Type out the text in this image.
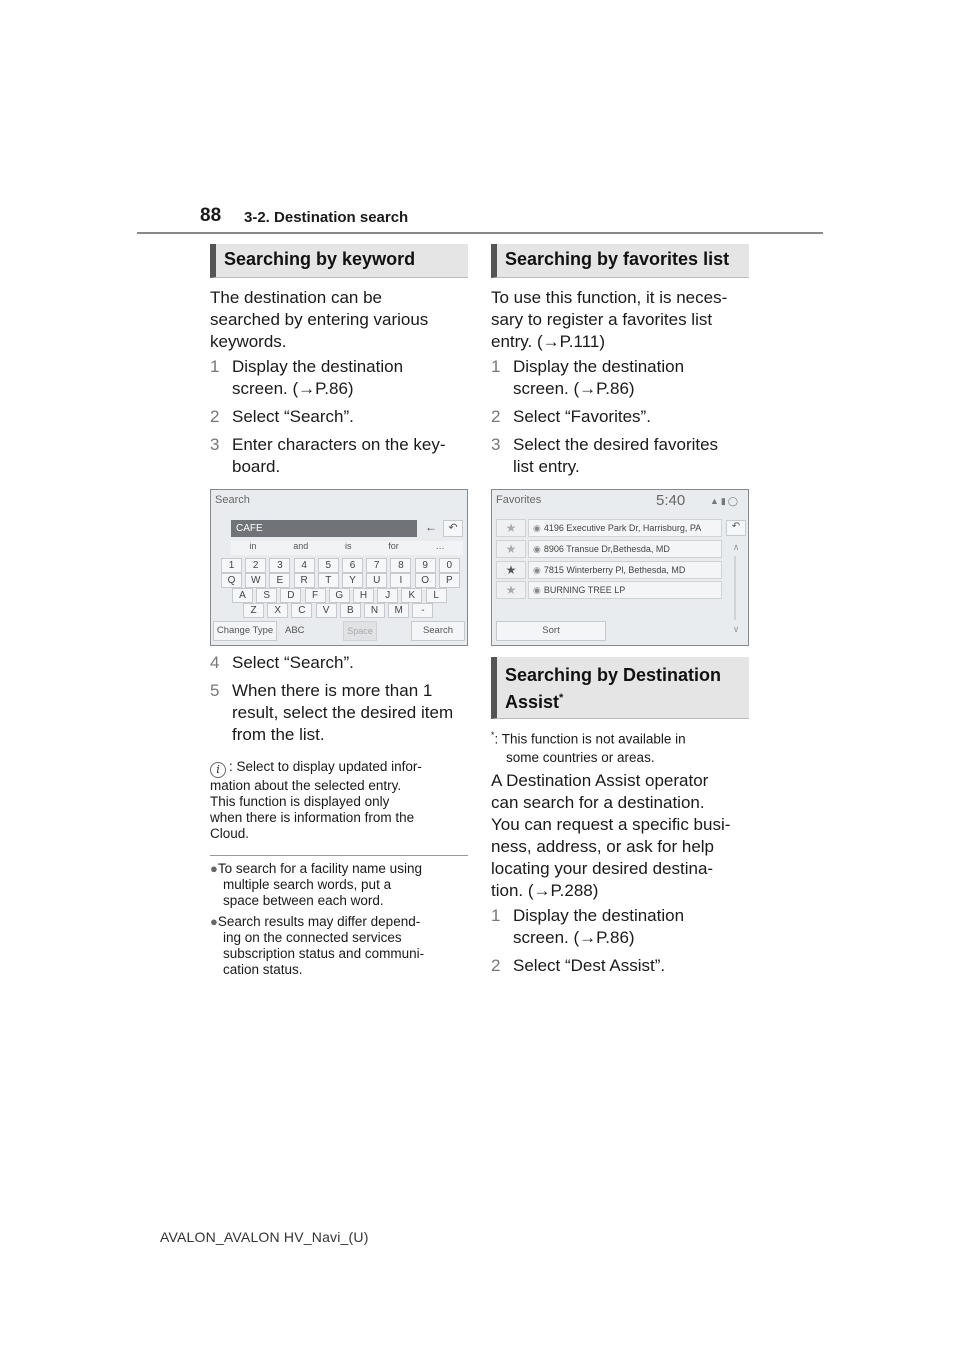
88 3-2. Destination search
Searching by keyword
The destination can be
searched by entering various
keywords.
1 Display the destination
screen. (→P.86)
2 Select “Search”.
3 Enter characters on the key-
board.
Search
CAFE	←	↶
in	and	is	for	…
1	2	3	4	5	6	7	8	9	0
Q	W	E	R	T	Y	U	I	O	P
A	S	D	F	G	H	J	K	L
Z	X	C	V	B	N	M	-
Change Type	ABC	Space	Search
4 Select “Search”.
5 When there is more than 1
result, select the desired item
from the list.
i : Select to display updated infor-
mation about the selected entry.
This function is displayed only
when there is information from the
Cloud.
●To search for a facility name using
multiple search words, put a
space between each word.
●Search results may differ depend-
ing on the connected services
subscription status and communi-
cation status.
Searching by favorites list
To use this function, it is neces-
sary to register a favorites list
entry. (→P.111)
1 Display the destination
screen. (→P.86)
2 Select “Favorites”.
3 Select the desired favorites
list entry.
Favorites	5:40	▲▮◯
★	◉ 4196 Executive Park Dr, Harrisburg, PA
★	◉ 8906 Transue Dr,Bethesda, MD
★	◉ 7815 Winterberry Pl, Bethesda, MD
★	◉ BURNING TREE LP
↶
∧
∨
Sort
Searching by Destination
Assist*
*: This function is not available in
some countries or areas.
A Destination Assist operator
can search for a destination.
You can request a specific busi-
ness, address, or ask for help
locating your desired destina-
tion. (→P.288)
1 Display the destination
screen. (→P.86)
2 Select “Dest Assist”.
AVALON_AVALON HV_Navi_(U)
